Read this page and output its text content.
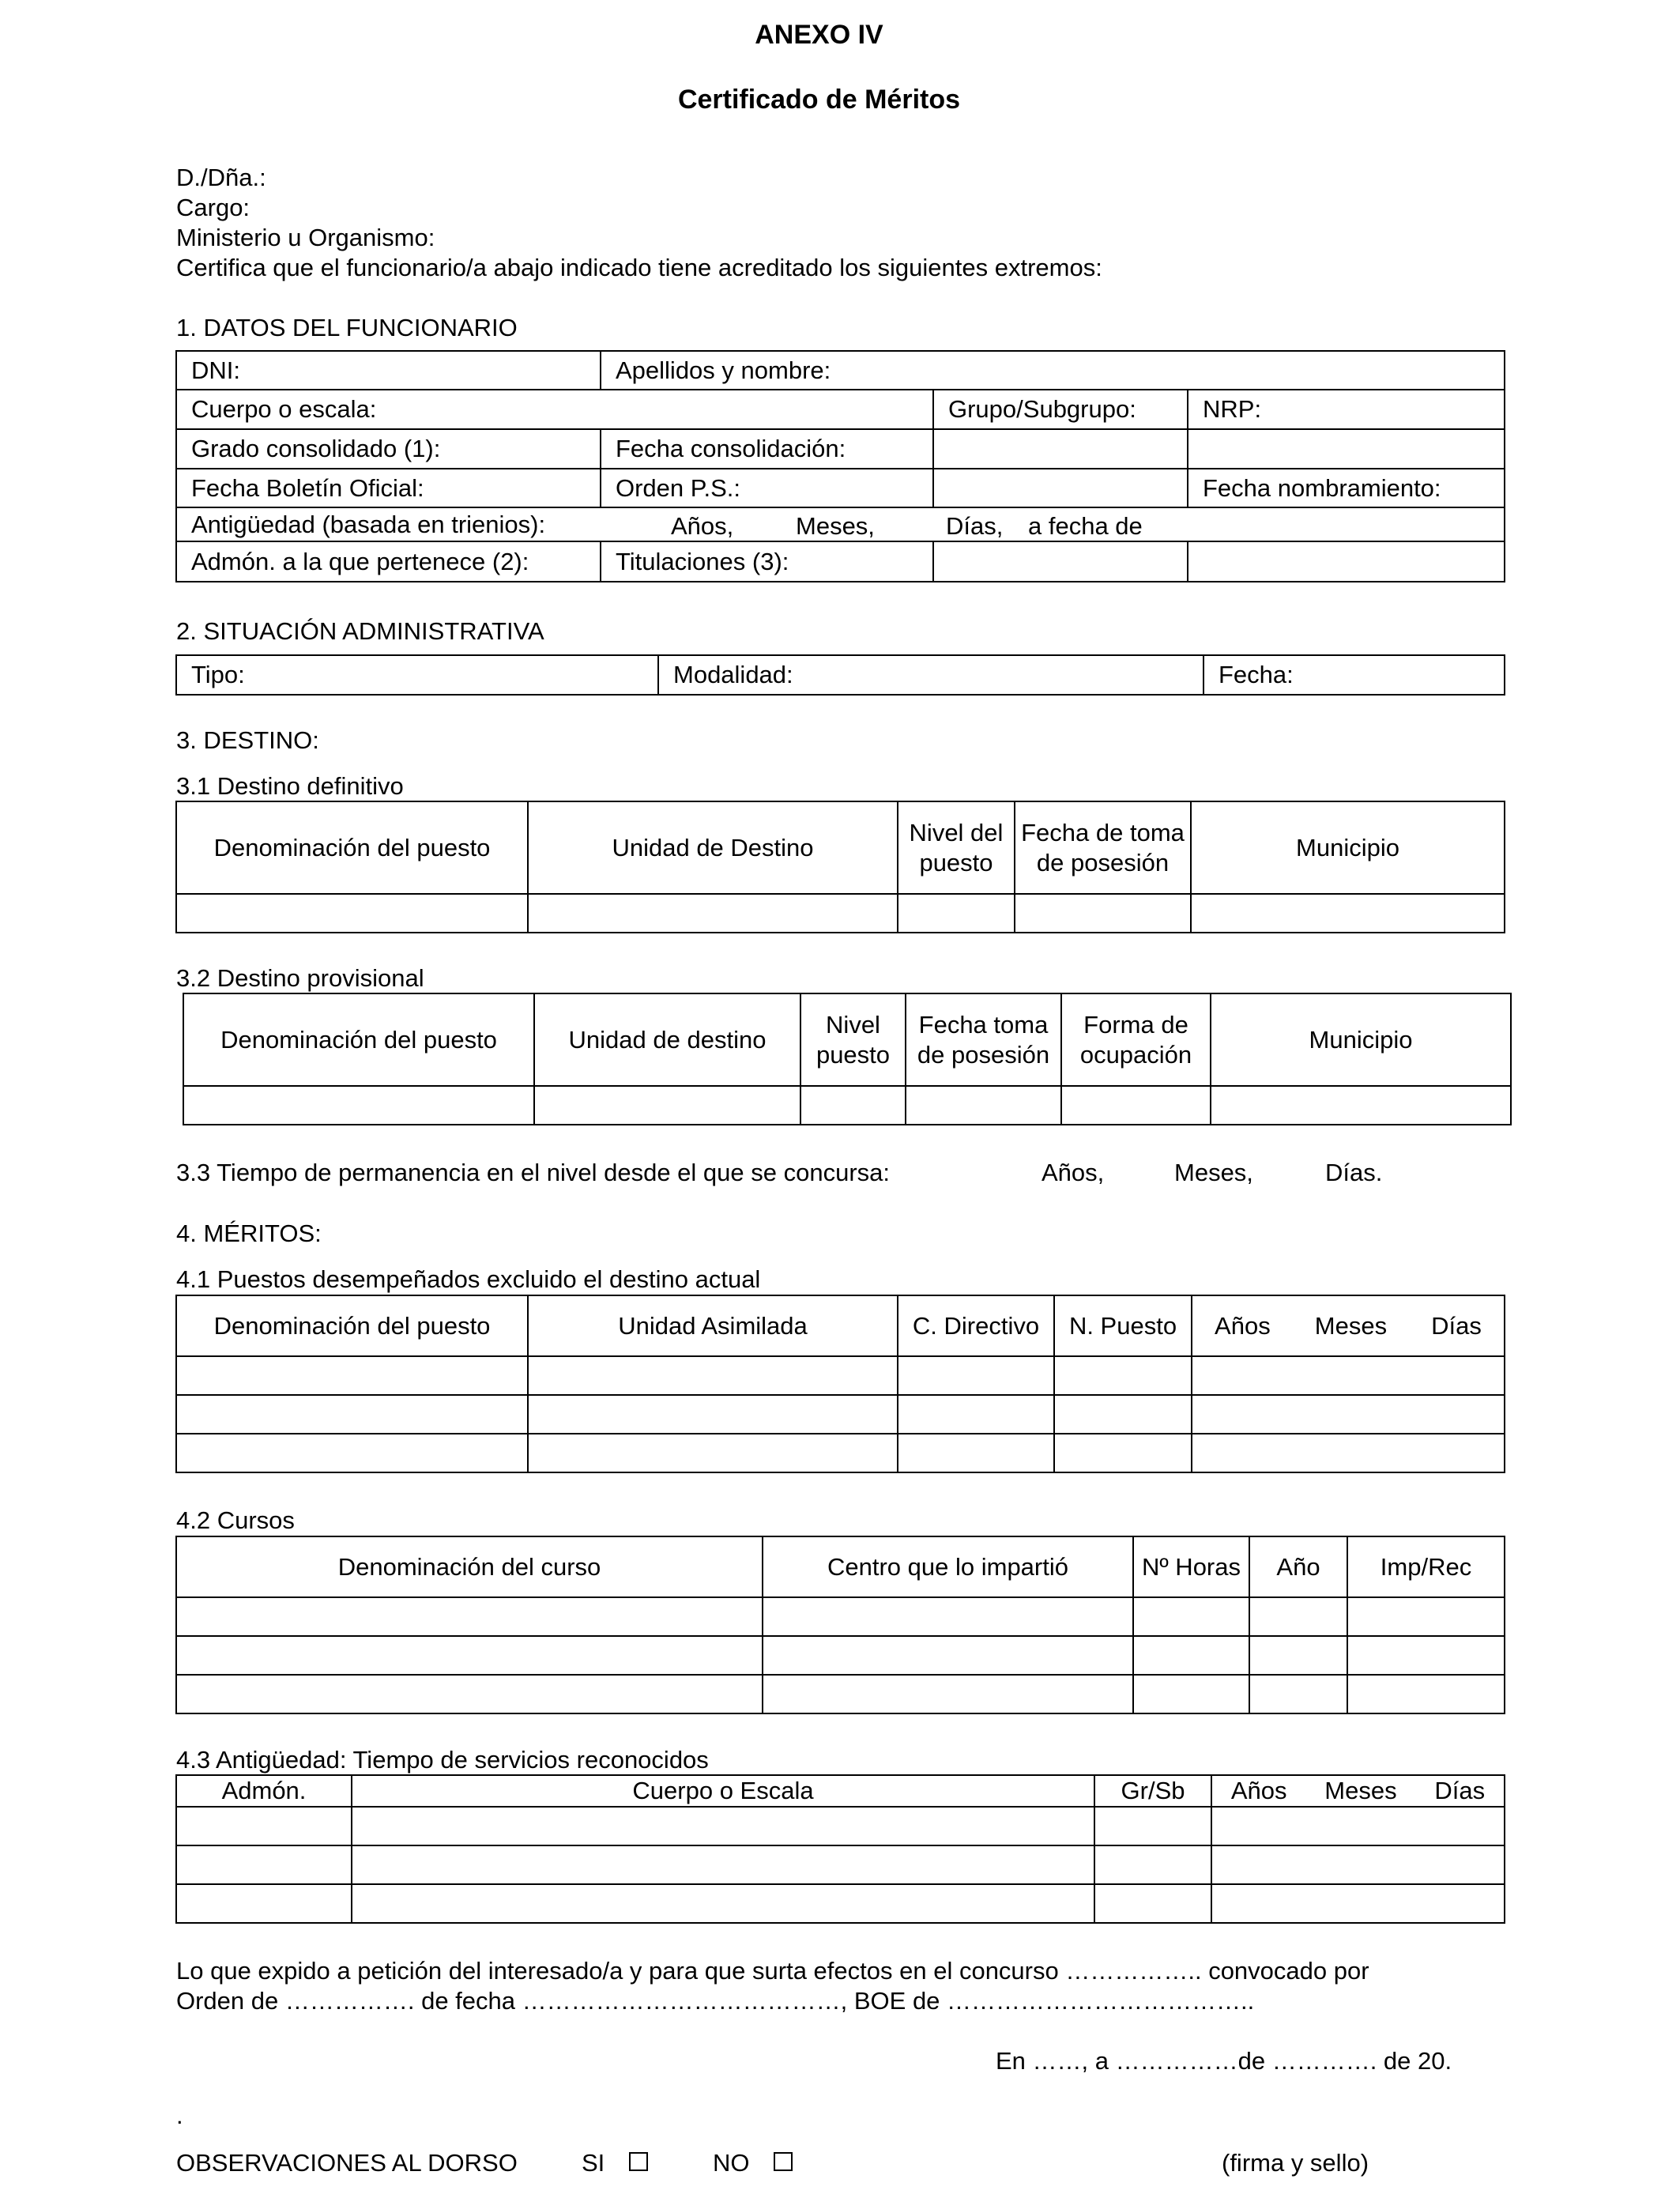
ANEXO IV
Certificado de Méritos
D./Dña.:
Cargo:
Ministerio u Organismo:
Certifica que el funcionario/a abajo indicado tiene acreditado los siguientes extremos:
1. DATOS DEL FUNCIONARIO
DNI:	Apellidos y nombre:		
Cuerpo o escala:		Grupo/Subgrupo:	NRP:
Grado consolidado (1):	Fecha consolidación:		
Fecha Boletín Oficial:	Orden P.S.:		Fecha nombramiento:
Antigüedad (basada en trienios): Años, Meses, Días, a fecha de			

Admón. a la que pertenece (2):	Titulaciones (3):		
2. SITUACIÓN ADMINISTRATIVA
Tipo:	Modalidad:	Fecha:
3. DESTINO:
3.1 Destino definitivo
Denominación del puesto	Unidad de Destino	Nivel del puesto	Fecha de toma de posesión	Municipio

3.2 Destino provisional
Denominación del puesto	Unidad de destino	Nivel puesto	Fecha toma de posesión	Forma de ocupación	Municipio

3.3 Tiempo de permanencia en el nivel desde el que se concursa:	Años,	Meses,	Días.
4. MÉRITOS:
4.1 Puestos desempeñados excluido el destino actual
Denominación del puesto	Unidad Asimilada	C. Directivo	N. Puesto	Años Meses Días

4.2 Cursos
Denominación del curso	Centro que lo impartió	Nº Horas	Año	Imp/Rec

4.3 Antigüedad: Tiempo de servicios reconocidos
Admón.	Cuerpo o Escala	Gr/Sb	Años Meses Días

Lo que expido a petición del interesado/a y para que surta efectos en el concurso …………….. convocado por
Orden de ……………. de fecha …………………………………, BOE de ………………………………..
En ……, a ……………de …………. de 20.
.
OBSERVACIONES AL DORSO	SI	NO	(firma y sello)
